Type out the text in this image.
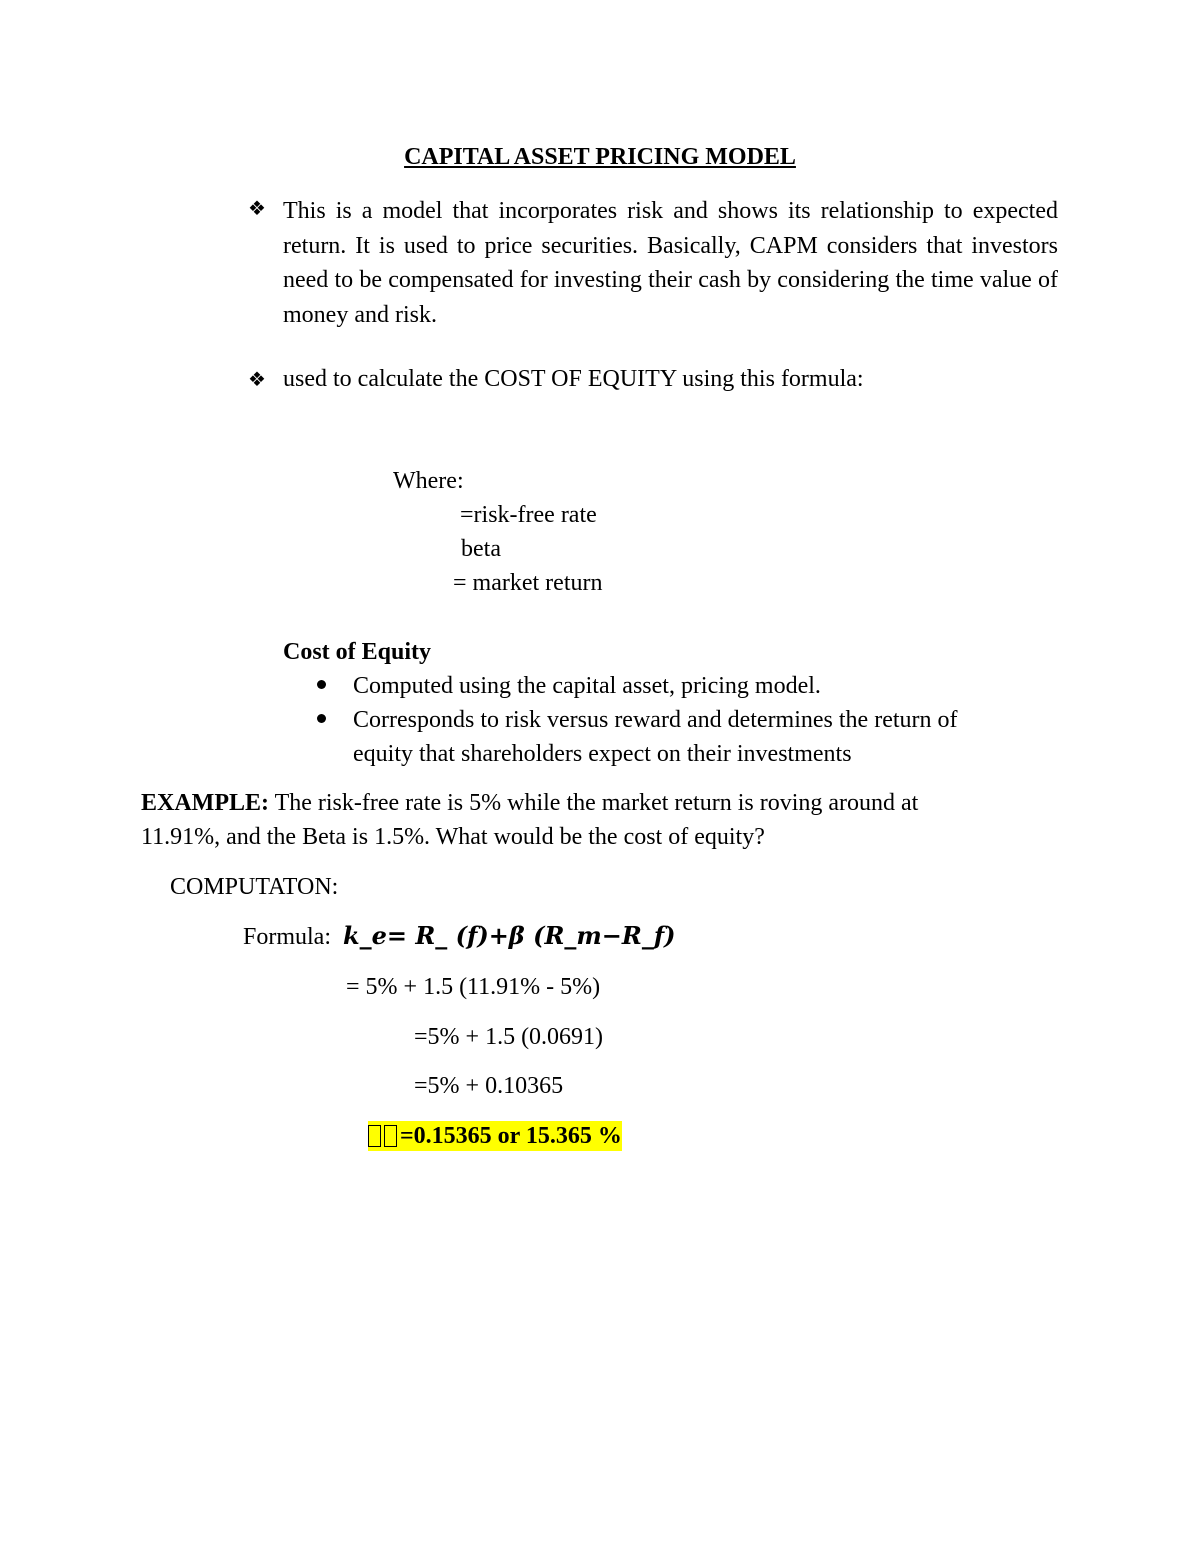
CAPITAL ASSET PRICING MODEL
❖ This is a model that incorporates risk and shows its relationship to expected return. It is used to price securities. Basically, CAPM considers that investors need to be compensated for investing their cash by considering the time value of money and risk.
❖ used to calculate the COST OF EQUITY using this formula:
Where:
=risk-free rate
beta
= market return
Cost of Equity
Computed using the capital asset, pricing model.
Corresponds to risk versus reward and determines the return of
equity that shareholders expect on their investments
EXAMPLE: The risk-free rate is 5% while the market return is roving around at
11.91%, and the Beta is 1.5%. What would be the cost of equity?
COMPUTATON:
Formula: 𝒌_𝒆= 𝑹_ (𝒇)+𝜷 (𝑹_𝒎−𝑹_𝒇)
= 5% + 1.5 (11.91% - 5%)
=5% + 1.5 (0.0691)
=5% + 0.10365
=0.15365 or 15.365 %
